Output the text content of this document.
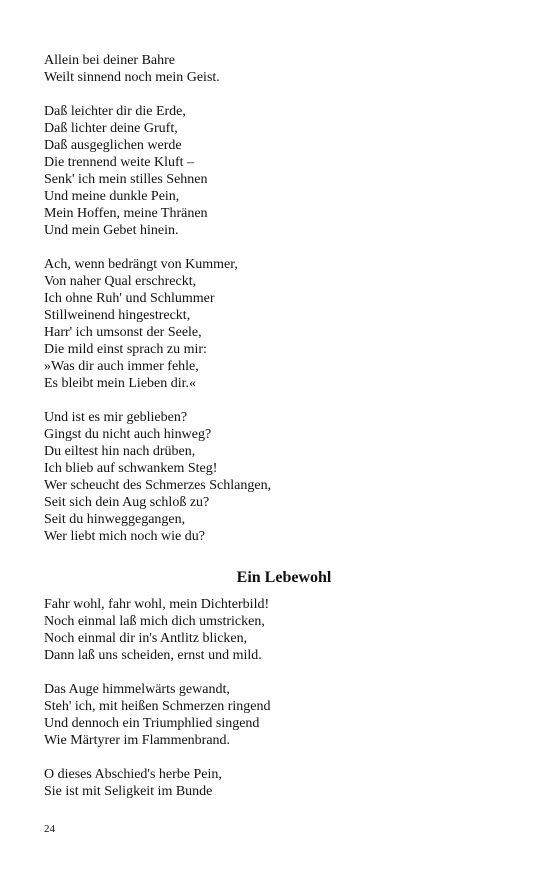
Allein bei deiner Bahre
Weilt sinnend noch mein Geist.
Daß leichter dir die Erde,
Daß lichter deine Gruft,
Daß ausgeglichen werde
Die trennend weite Kluft –
Senk' ich mein stilles Sehnen
Und meine dunkle Pein,
Mein Hoffen, meine Thränen
Und mein Gebet hinein.
Ach, wenn bedrängt von Kummer,
Von naher Qual erschreckt,
Ich ohne Ruh' und Schlummer
Stillweinend hingestreckt,
Harr' ich umsonst der Seele,
Die mild einst sprach zu mir:
»Was dir auch immer fehle,
Es bleibt mein Lieben dir.«
Und ist es mir geblieben?
Gingst du nicht auch hinweg?
Du eiltest hin nach drüben,
Ich blieb auf schwankem Steg!
Wer scheucht des Schmerzes Schlangen,
Seit sich dein Aug schloß zu?
Seit du hinweggegangen,
Wer liebt mich noch wie du?
Ein Lebewohl
Fahr wohl, fahr wohl, mein Dichterbild!
Noch einmal laß mich dich umstricken,
Noch einmal dir in's Antlitz blicken,
Dann laß uns scheiden, ernst und mild.
Das Auge himmelwärts gewandt,
Steh' ich, mit heißen Schmerzen ringend
Und dennoch ein Triumphlied singend
Wie Märtyrer im Flammenbrand.
O dieses Abschied's herbe Pein,
Sie ist mit Seligkeit im Bunde
24
